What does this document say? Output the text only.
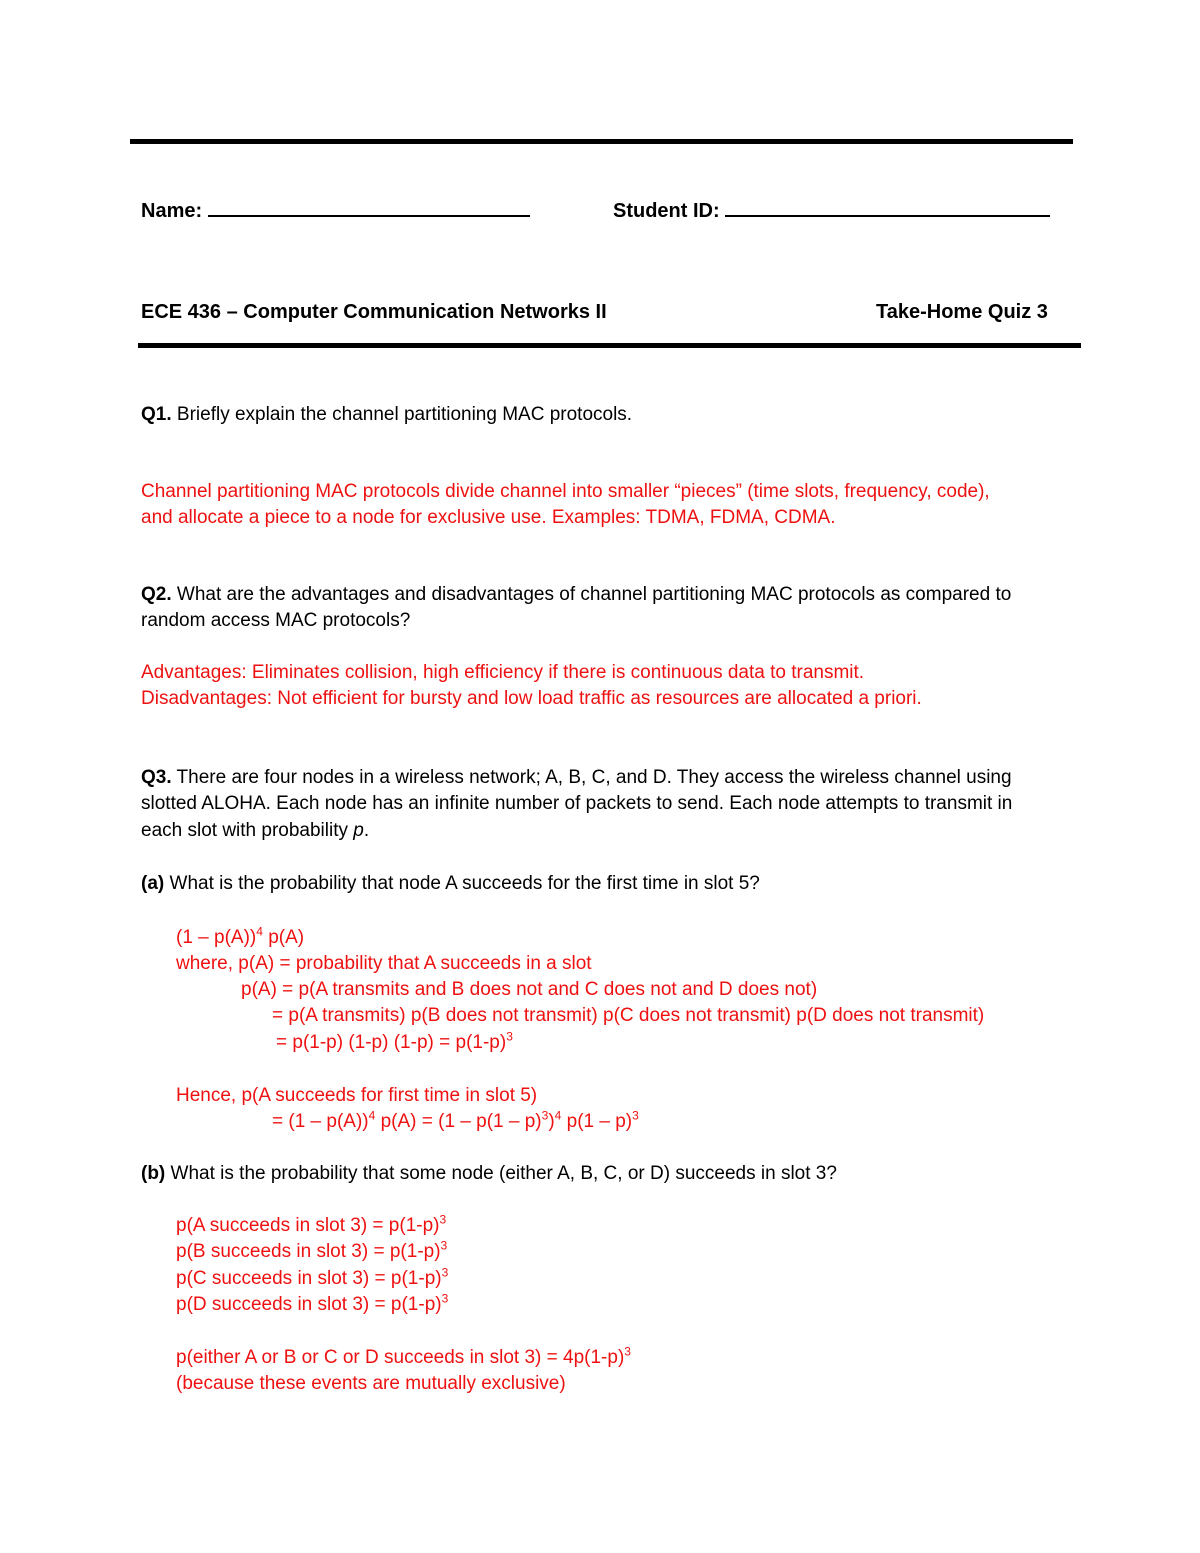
Name:	Student ID:
ECE 436 – Computer Communication Networks II	Take-Home Quiz 3
Q1. Briefly explain the channel partitioning MAC protocols.
Channel partitioning MAC protocols divide channel into smaller “pieces” (time slots, frequency, code),
and allocate a piece to a node for exclusive use. Examples: TDMA, FDMA, CDMA.
Q2. What are the advantages and disadvantages of channel partitioning MAC protocols as compared to
random access MAC protocols?
Advantages: Eliminates collision, high efficiency if there is continuous data to transmit.
Disadvantages: Not efficient for bursty and low load traffic as resources are allocated a priori.
Q3. There are four nodes in a wireless network; A, B, C, and D. They access the wireless channel using
slotted ALOHA. Each node has an infinite number of packets to send. Each node attempts to transmit in
each slot with probability p.
(a) What is the probability that node A succeeds for the first time in slot 5?
(1 – p(A))$^4$ p(A)
where, p(A) = probability that A succeeds in a slot
p(A) = p(A transmits and B does not and C does not and D does not)
= p(A transmits) p(B does not transmit) p(C does not transmit) p(D does not transmit)
= p(1-p) (1-p) $(1-p) = p(1-p)^3$
Hence, p(A succeeds for first time in slot 5)
= (1 – p(A))$^4$ p(A) = (1 – p(1 – p)$^3$)$^4$ p(1 – p)$^3$
(b) What is the probability that some node (either A, B, C, or D) succeeds in slot 3?
p(A succeeds in slot $3) = p(1-p)^3$
p(B succeeds in slot $3) = p(1-p)^3$
p(C succeeds in slot $3) = p(1-p)^3$
p(D succeeds in slot $3) = p(1-p)^3$
p(either A or B or C or D succeeds in slot $3) = 4p(1-p)^3$
(because these events are mutually exclusive)
